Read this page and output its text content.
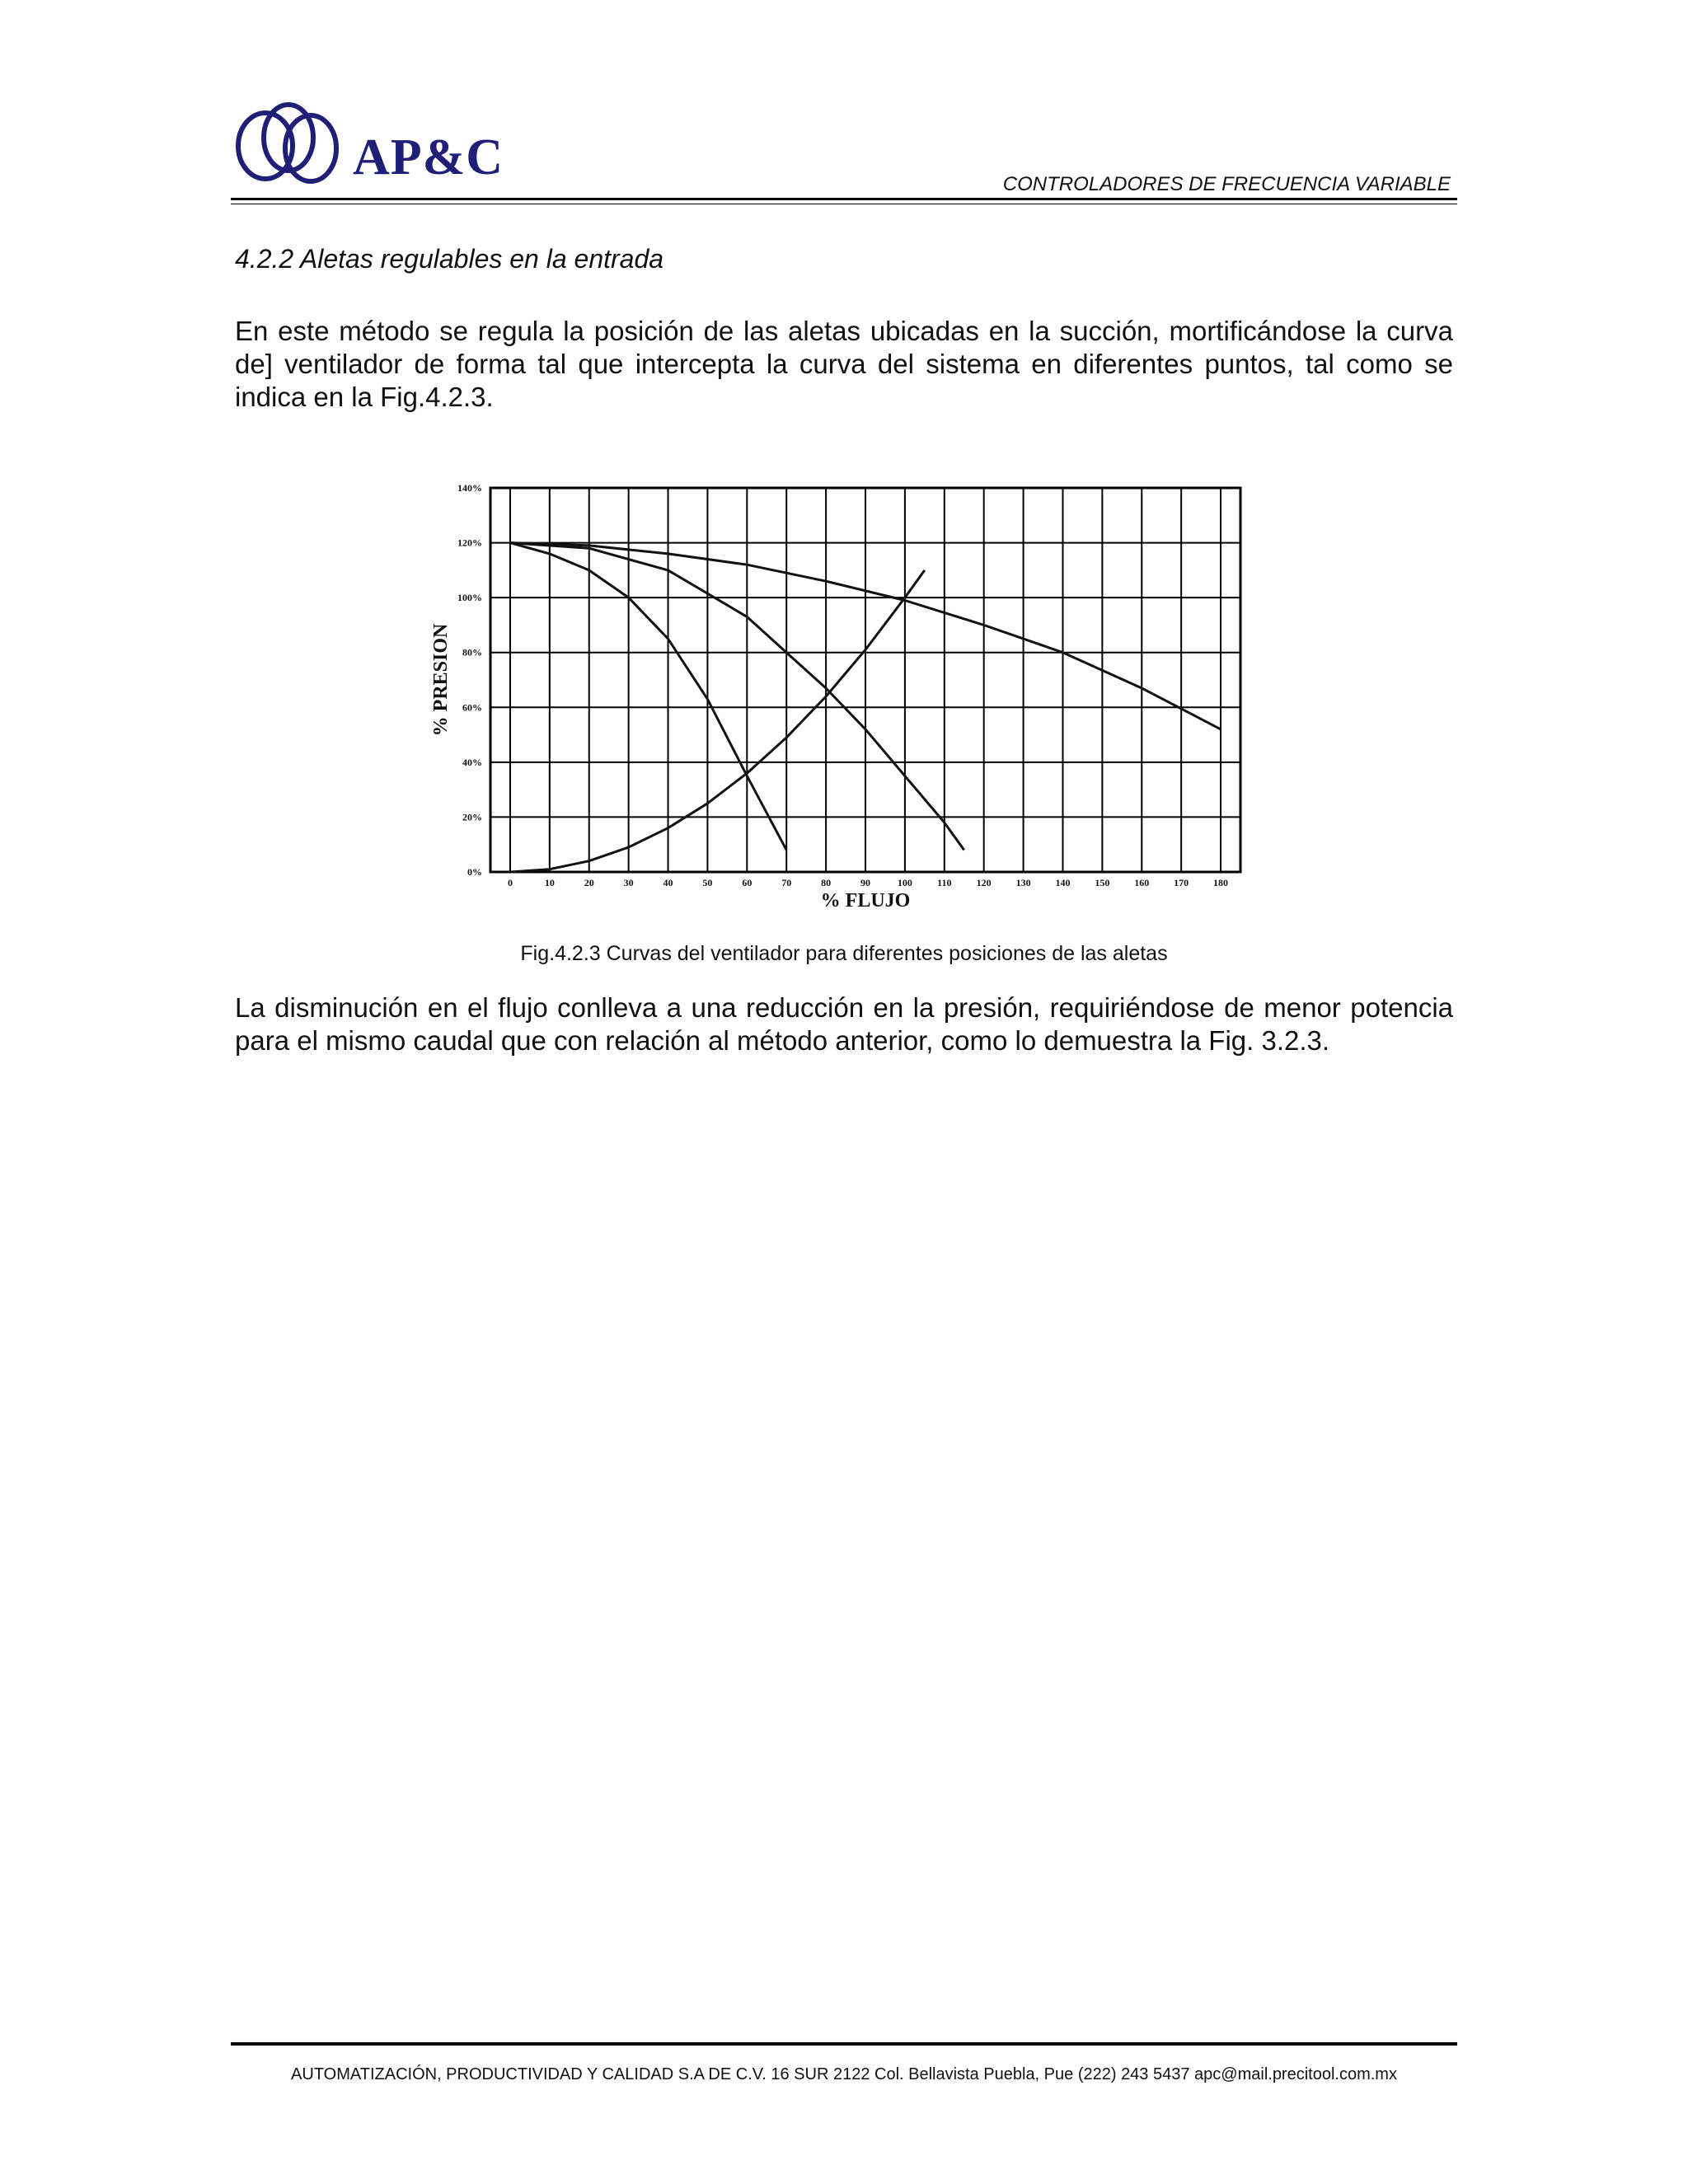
AP&C	CONTROLADORES DE FRECUENCIA VARIABLE
4.2.2 Aletas regulables en la entrada

En este método se regula la posición de las aletas ubicadas en la succión, mortificándose la curva de] ventilador de forma tal que intercepta la curva del sistema en diferentes puntos, tal como se indica en la Fig.4.2.3.

0	10	20	30	40	50	60	70	80	90	100	110	120 130 140 150 160 170 180
0%
20%
40%
60%
80%
100%
120%
140%
% FLUJO
% PRESION
Fig.4.2.3 Curvas del ventilador para diferentes posiciones de las aletas

La disminución en el flujo conlleva a una reducción en la presión, requiriéndose de menor potencia para el mismo caudal que con relación al método anterior, como lo demuestra la Fig. 3.2.3.

AUTOMATIZACIÓN, PRODUCTIVIDAD Y CALIDAD S.A DE C.V. 16 SUR 2122 Col. Bellavista Puebla, Pue (222) 243 5437 apc@mail.precitool.com.mx
